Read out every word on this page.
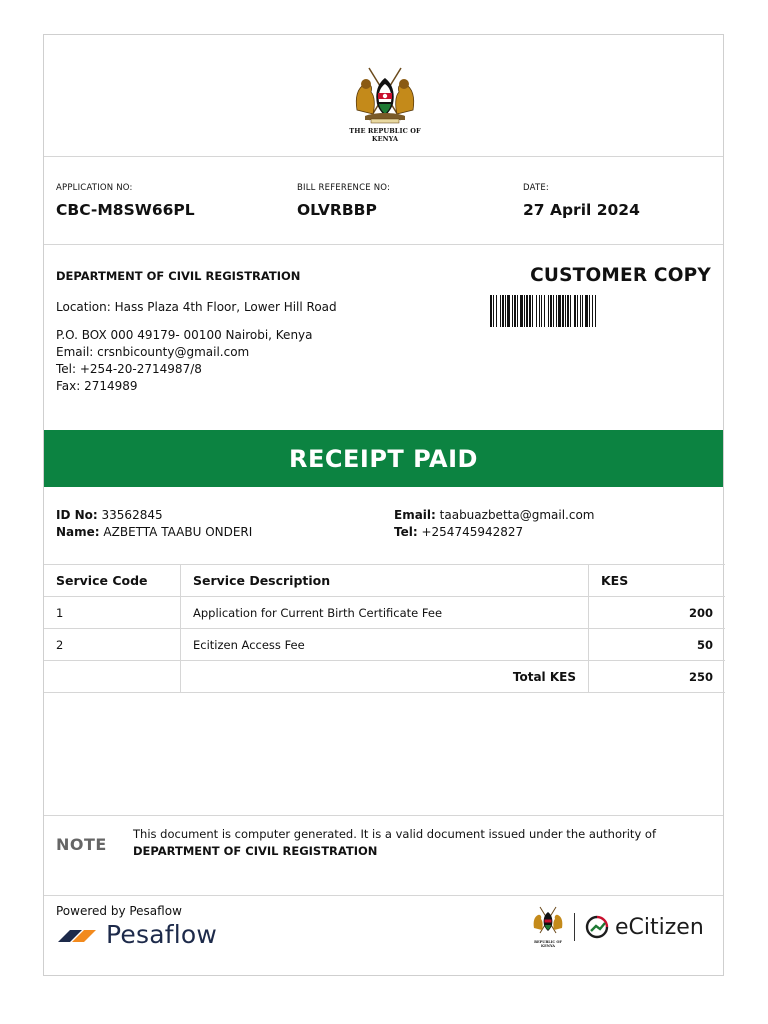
THE REPUBLIC OF KENYA
APPLICATION NO:
CBC-M8SW66PL
BILL REFERENCE NO:
OLVRBBP
DATE:
27 April 2024
DEPARTMENT OF CIVIL REGISTRATION
Location: Hass Plaza 4th Floor, Lower Hill Road
P.O. BOX 000 49179- 00100 Nairobi, Kenya
Email: crsnbicounty@gmail.com
Tel: +254-20-2714987/8
Fax: 2714989
CUSTOMER COPY
RECEIPT PAID
ID No: 33562845
Name: AZBETTA TAABU ONDERI
Email: taabuazbetta@gmail.com
Tel: +254745942827
Service Code	Service Description	KES
1	Application for Current Birth Certificate Fee	200
2	Ecitizen Access Fee	50
	Total KES	250
NOTE
This document is computer generated. It is a valid document issued under the authority of
DEPARTMENT OF CIVIL REGISTRATION
Powered by Pesaflow
Pesaflow	REPUBLIC OF KENYA
eCitizen
